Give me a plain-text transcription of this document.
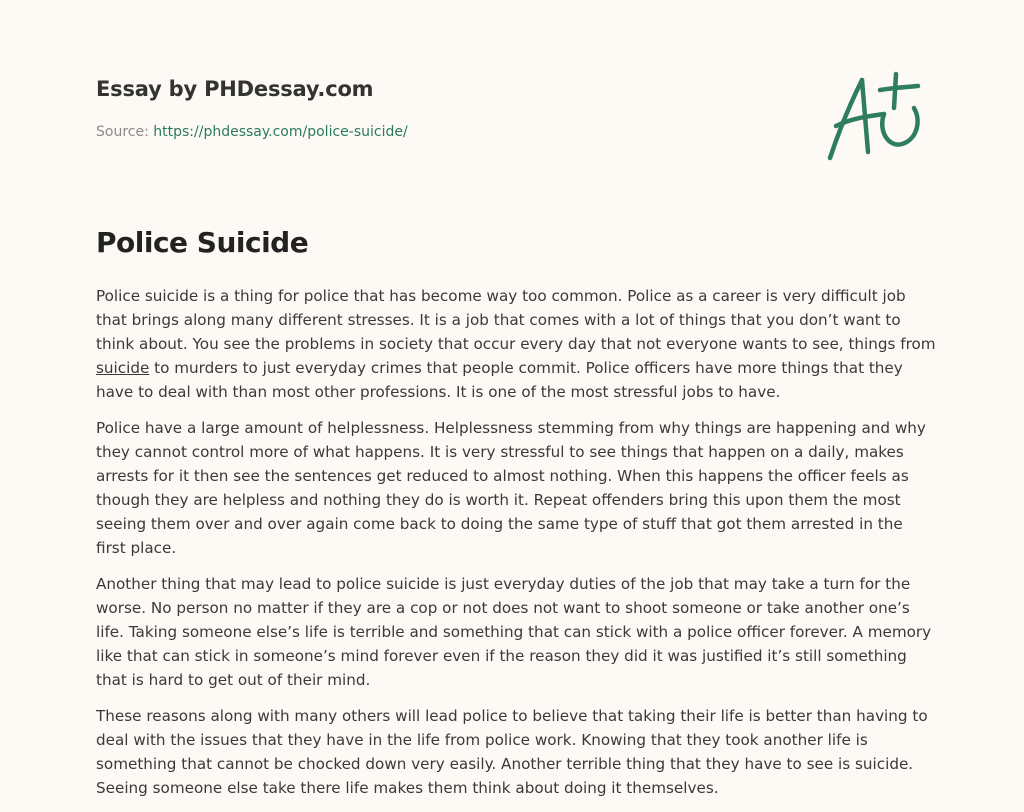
Essay by PHDessay.com
Source: https://phdessay.com/police-suicide/
Police Suicide

Police suicide is a thing for police that has become way too common. Police as a career is very difficult job that brings along many different stresses. It is a job that comes with a lot of things that you don’t want to think about. You see the problems in society that occur every day that not everyone wants to see, things from suicide to murders to just everyday crimes that people commit. Police officers have more things that they have to deal with than most other professions. It is one of the most stressful jobs to have.

Police have a large amount of helplessness. Helplessness stemming from why things are happening and why they cannot control more of what happens. It is very stressful to see things that happen on a daily, makes arrests for it then see the sentences get reduced to almost nothing. When this happens the officer feels as though they are helpless and nothing they do is worth it. Repeat offenders bring this upon them the most seeing them over and over again come back to doing the same type of stuff that got them arrested in the first place.

Another thing that may lead to police suicide is just everyday duties of the job that may take a turn for the worse. No person no matter if they are a cop or not does not want to shoot someone or take another one’s life. Taking someone else’s life is terrible and something that can stick with a police officer forever. A memory like that can stick in someone’s mind forever even if the reason they did it was justified it’s still something that is hard to get out of their mind.

These reasons along with many others will lead police to believe that taking their life is better than having to deal with the issues that they have in the life from police work. Knowing that they took another life is something that cannot be chocked down very easily. Another terrible thing that they have to see is suicide. Seeing someone else take there life makes them think about doing it themselves.
